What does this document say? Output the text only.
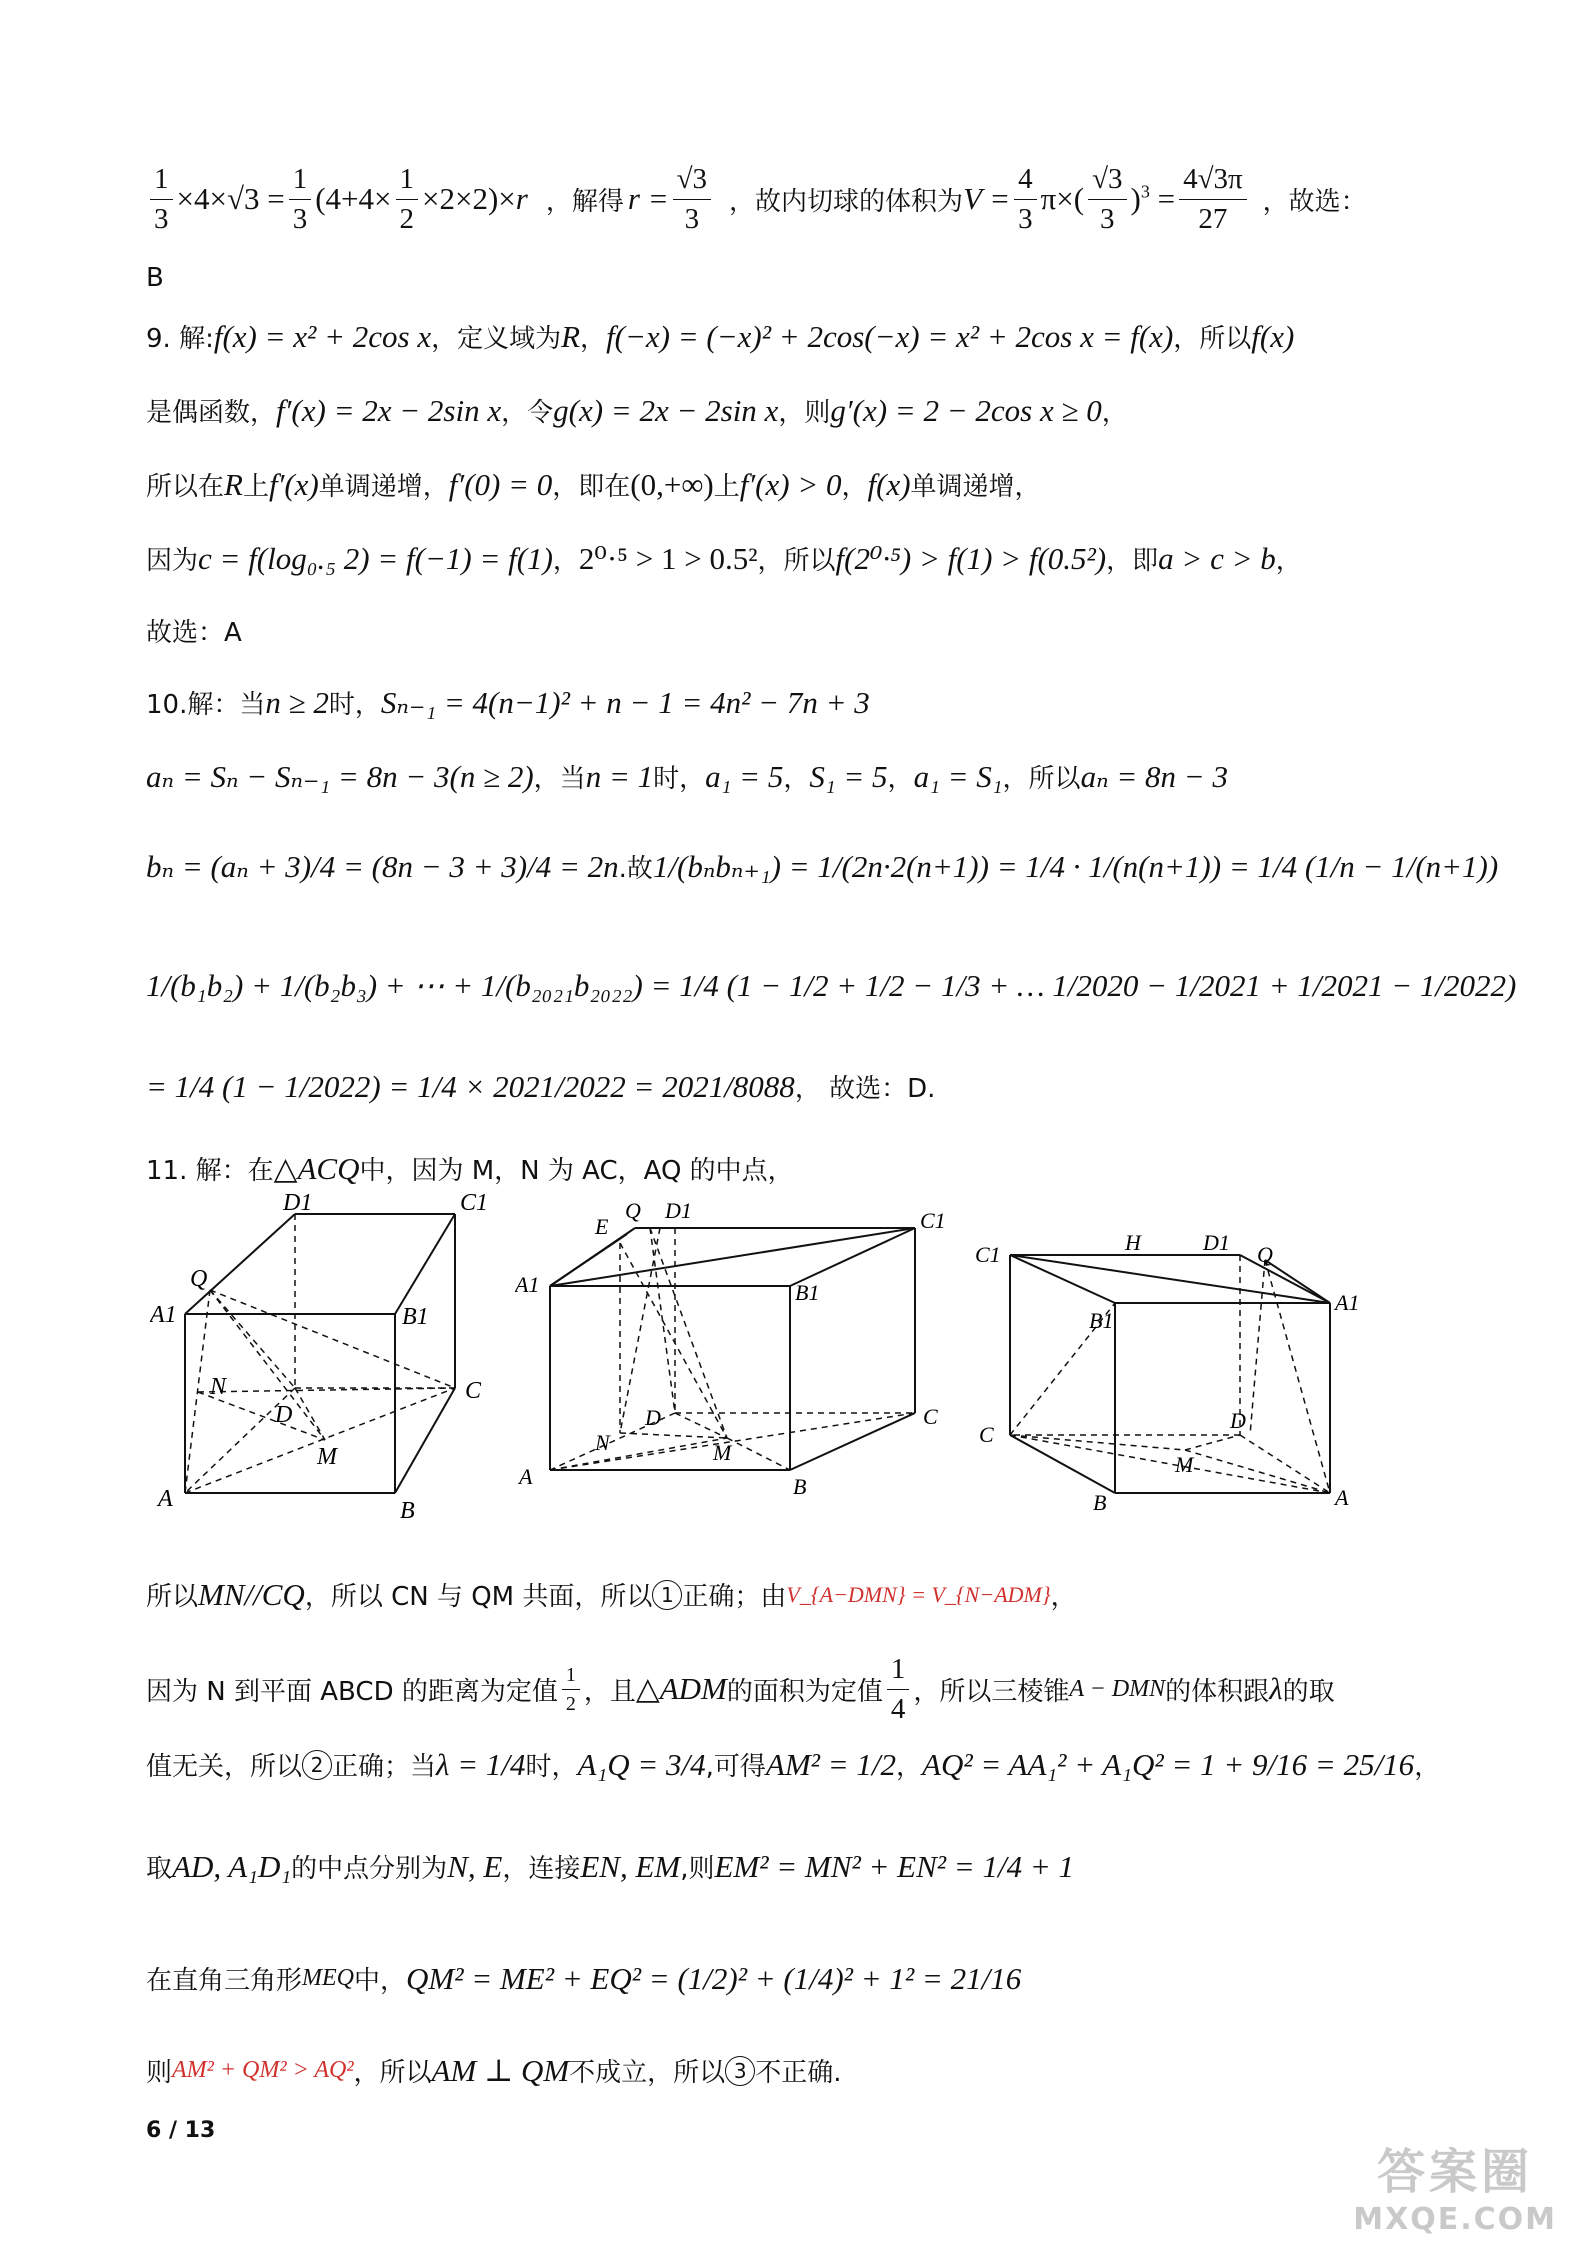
$\frac{1}{3} \times 4\times√3 = \frac{1}{3} (4+4\times \frac{1}{2} \times 2\times 2)\times r$ ，解得 $r = \frac{√3}{3}$ ，故内切球的体积为 $V = \frac{4}{3} \pi\times( \frac{√3}{3} )^3 = \frac{4√3\pi}{27}$ ，故选：
B
9. 解: f(x) = x² + 2cos x ，定义域为 R ， f(−x) = (−x)² + 2cos(−x) = x² + 2cos x = f(x) ，所以 f(x)
是偶函数， f′(x) = 2x − 2sin x ，令 g(x) = 2x − 2sin x ，则 g′(x) = 2 − 2cos x ≥ 0 ，
所以在 R 上 f′(x) 单调递增， f′(0) = 0 ，即在 (0,+∞) 上 f′(x) > 0 ， f(x) 单调递增，
因为 c = f(log₀.₅ 2) = f(−1) = f(1) ， 2⁰·⁵ > 1 > 0.5² ，所以 f(2⁰·⁵) > f(1) > f(0.5²) ，即 a > c > b ，
故选：A
10.解：当 n ≥ 2 时， Sₙ₋₁ = 4(n−1)² + n − 1 = 4n² − 7n + 3
aₙ = Sₙ − Sₙ₋₁ = 8n − 3(n ≥ 2) ，当 n = 1 时， a₁ = 5 ， S₁ = 5 ， a₁ = S₁ ，所以 aₙ = 8n − 3
bₙ = (aₙ + 3)/4 = (8n − 3 + 3)/4 = 2n .故 1/(bₙbₙ₊₁) = 1/(2n·2(n+1)) = 1/4 · 1/(n(n+1)) = 1/4 (1/n − 1/(n+1))
1/(b₁b₂) + 1/(b₂b₃) + ⋯ + 1/(b₂₀₂₁b₂₀₂₂) = 1/4 (1 − 1/2 + 1/2 − 1/3 + … 1/2020 − 1/2021 + 1/2021 − 1/2022)
= 1/4 (1 − 1/2022) = 1/4 × 2021/2022 = 2021/8088 ， 故选：D.
11. 解：在 △ACQ 中，因为 M，N 为 AC，AQ 的中点，
D1	C1
Q
A1	B1
N	C
D
M
A	B
E
Q D1	C1
A1	B1
N
D
M
C
A	B
C1	H	D1 Q
A1
B1
C
D
M
B	A
所以 MN//CQ ，所以 CN 与 QM 共面，所以 1 正确；由 V_{A−DMN} = V_{N−ADM} ，
因为 N 到平面 ABCD 的距离为定值 $\frac{1}{2}$ ，且 △ADM 的面积为定值 $\frac{1}{4}$ ，所以三棱锥 A − DMN 的体积跟 λ 的取
值无关，所以 2 正确；当 λ = 1/4 时， A₁Q = 3/4 ,可得 AM² = 1/2 ， AQ² = AA₁² + A₁Q² = 1 + 9/16 = 25/16 ，
取 AD, A₁D₁ 的中点分别为 N, E ，连接 EN, EM ,则 EM² = MN² + EN² = 1/4 + 1
在直角三角形 MEQ 中， QM² = ME² + EQ² = (1/2)² + (1/4)² + 1² = 21/16
则 AM² + QM² > AQ² ，所以 AM ⊥ QM 不成立，所以 3 不正确.
6 / 13
答案圈
MXQE.COM
